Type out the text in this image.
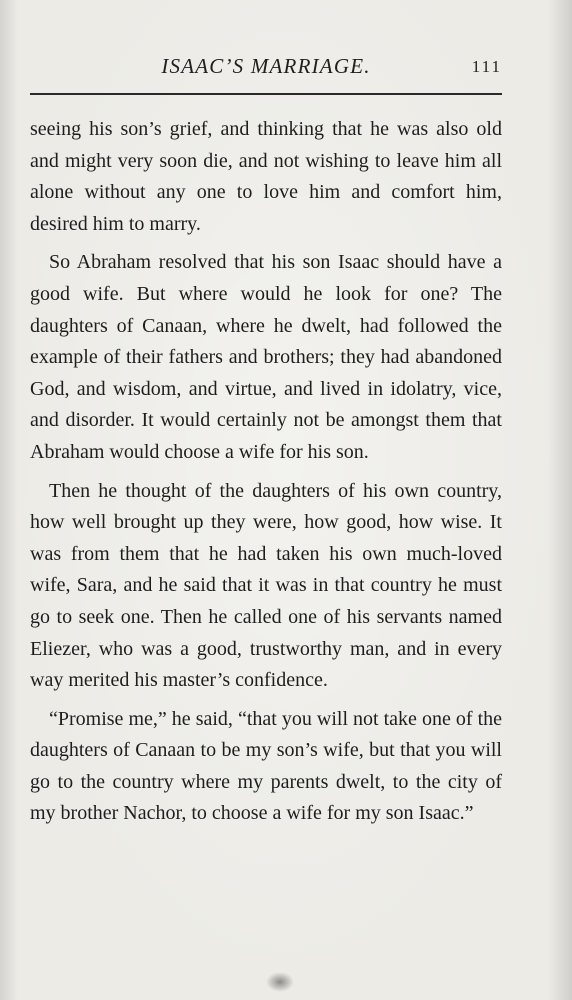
ISAAC’S MARRIAGE.	111

seeing his son’s grief, and thinking that he was also old and might very soon die, and not wishing to leave him all alone without any one to love him and comfort him, desired him to marry.

So Abraham resolved that his son Isaac should have a good wife. But where would he look for one? The daughters of Canaan, where he dwelt, had followed the example of their fathers and brothers; they had abandoned God, and wisdom, and virtue, and lived in idolatry, vice, and disorder. It would certainly not be amongst them that Abraham would choose a wife for his son.

Then he thought of the daughters of his own country, how well brought up they were, how good, how wise. It was from them that he had taken his own much-loved wife, Sara, and he said that it was in that country he must go to seek one. Then he called one of his servants named Eliezer, who was a good, trustworthy man, and in every way merited his master’s confidence.

“Promise me,” he said, “that you will not take one of the daughters of Canaan to be my son’s wife, but that you will go to the country where my parents dwelt, to the city of my brother Nachor, to choose a wife for my son Isaac.”
